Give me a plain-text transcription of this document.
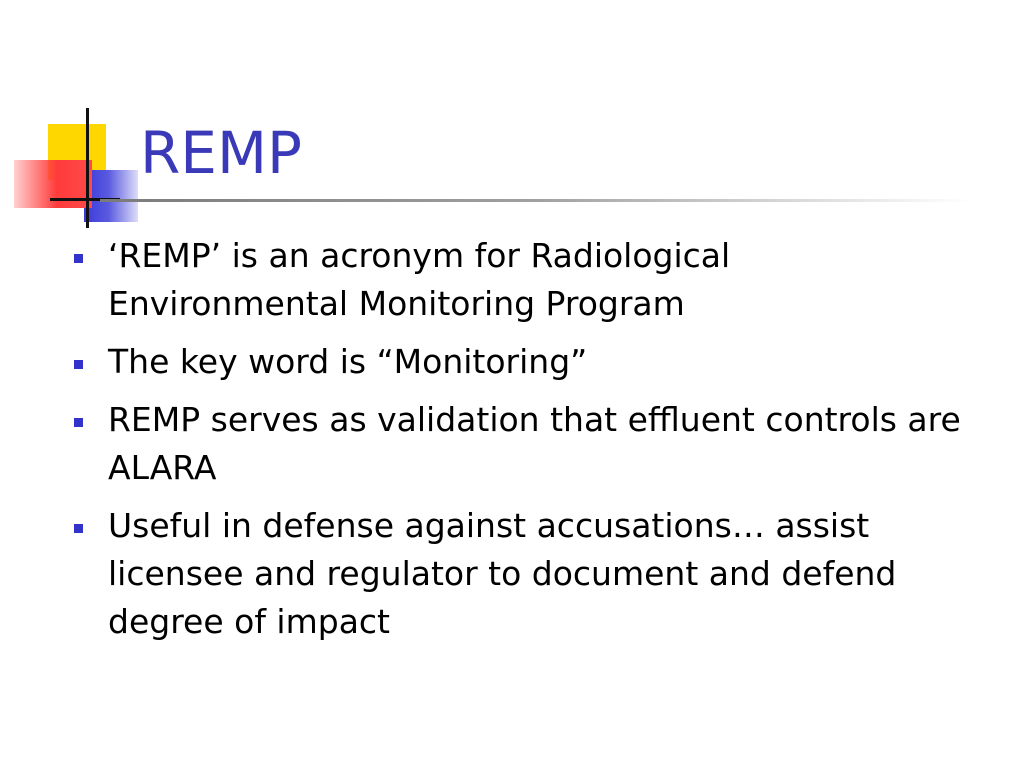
REMP
‘REMP’ is an acronym for Radiological Environmental Monitoring Program
The key word is “Monitoring”
REMP serves as validation that effluent controls are ALARA
Useful in defense against accusations… assist licensee and regulator to document and defend degree of impact
